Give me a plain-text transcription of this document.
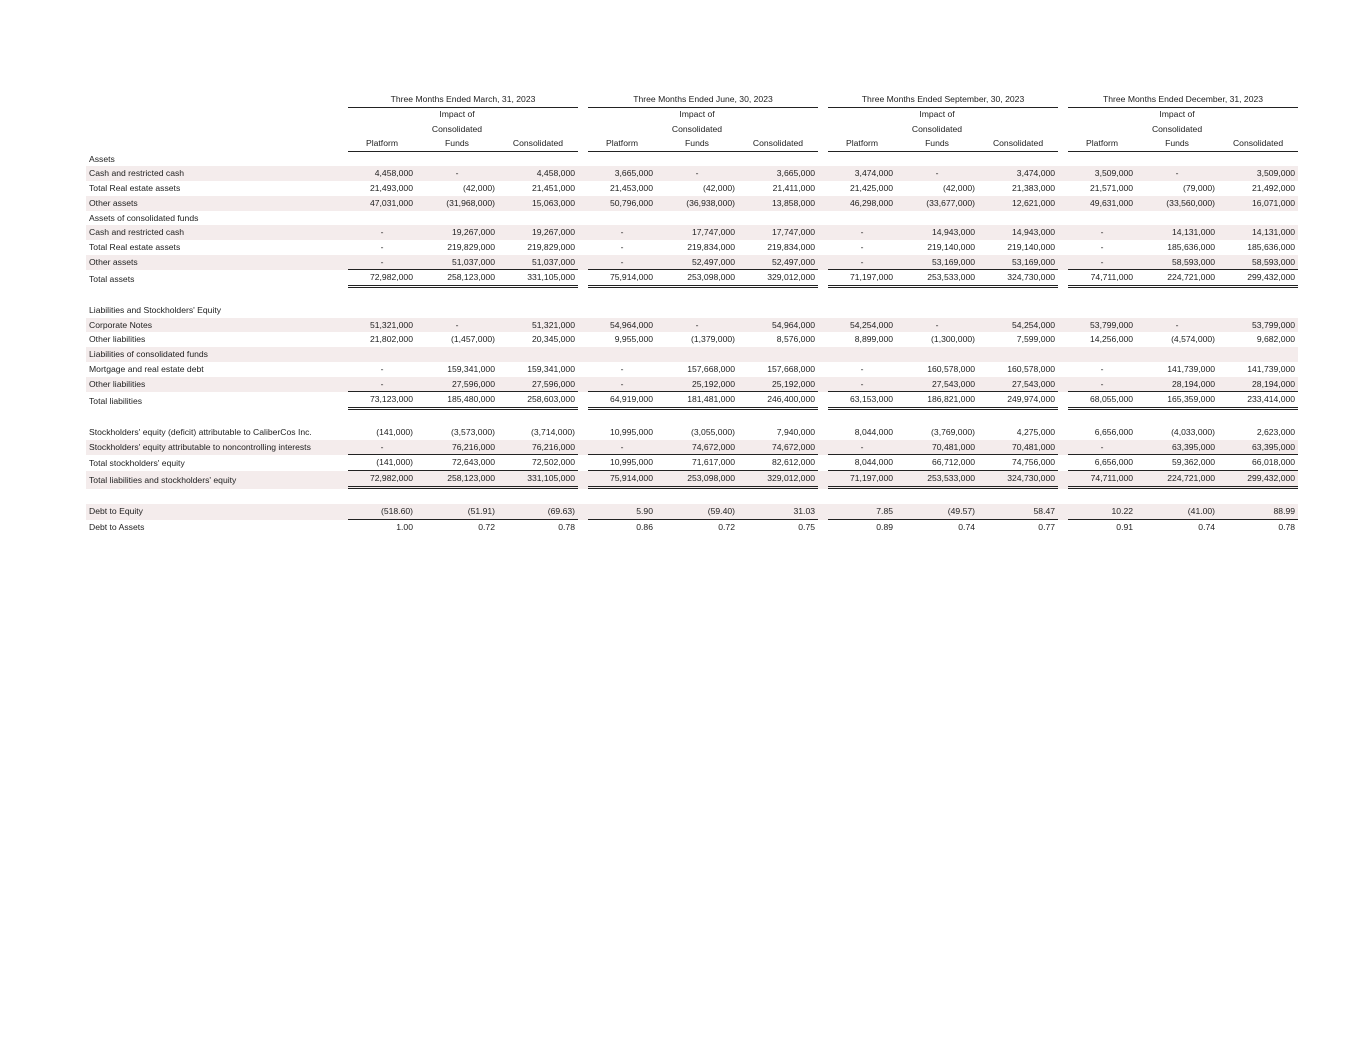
	Three Months Ended March, 31, 2023				Three Months Ended June, 30, 2023				Three Months Ended September, 30, 2023				Three Months Ended December, 31, 2023		
		Impact of				Impact of				Impact of				Impact of	
		Consolidated				Consolidated				Consolidated				Consolidated	
	Platform	Funds	Consolidated		Platform	Funds	Consolidated		Platform	Funds	Consolidated		Platform	Funds	Consolidated
Assets															
Cash and restricted cash	4,458,000	-	4,458,000		3,665,000	-	3,665,000		3,474,000	-	3,474,000		3,509,000	-	3,509,000
Total Real estate assets	21,493,000	(42,000)	21,451,000		21,453,000	(42,000)	21,411,000		21,425,000	(42,000)	21,383,000		21,571,000	(79,000)	21,492,000
Other assets	47,031,000	(31,968,000)	15,063,000		50,796,000	(36,938,000)	13,858,000		46,298,000	(33,677,000)	12,621,000		49,631,000	(33,560,000)	16,071,000
Assets of consolidated funds															
Cash and restricted cash	-	19,267,000	19,267,000		-	17,747,000	17,747,000		-	14,943,000	14,943,000		-	14,131,000	14,131,000
Total Real estate assets	-	219,829,000	219,829,000		-	219,834,000	219,834,000		-	219,140,000	219,140,000		-	185,636,000	185,636,000
Other assets	-	51,037,000	51,037,000		-	52,497,000	52,497,000		-	53,169,000	53,169,000		-	58,593,000	58,593,000
Total assets	72,982,000	258,123,000	331,105,000		75,914,000	253,098,000	329,012,000		71,197,000	253,533,000	324,730,000		74,711,000	224,721,000	299,432,000

Liabilities and Stockholders' Equity															
Corporate Notes	51,321,000	-	51,321,000		54,964,000	-	54,964,000		54,254,000	-	54,254,000		53,799,000	-	53,799,000
Other liabilities	21,802,000	(1,457,000)	20,345,000		9,955,000	(1,379,000)	8,576,000		8,899,000	(1,300,000)	7,599,000		14,256,000	(4,574,000)	9,682,000
Liabilities of consolidated funds															
Mortgage and real estate debt	-	159,341,000	159,341,000		-	157,668,000	157,668,000		-	160,578,000	160,578,000		-	141,739,000	141,739,000
Other liabilities	-	27,596,000	27,596,000		-	25,192,000	25,192,000		-	27,543,000	27,543,000		-	28,194,000	28,194,000
Total liabilities	73,123,000	185,480,000	258,603,000		64,919,000	181,481,000	246,400,000		63,153,000	186,821,000	249,974,000		68,055,000	165,359,000	233,414,000

Stockholders' equity (deficit) attributable to CaliberCos Inc.	(141,000)	(3,573,000)	(3,714,000)		10,995,000	(3,055,000)	7,940,000		8,044,000	(3,769,000)	4,275,000		6,656,000	(4,033,000)	2,623,000
Stockholders' equity attributable to noncontrolling interests	-	76,216,000	76,216,000		-	74,672,000	74,672,000		-	70,481,000	70,481,000		-	63,395,000	63,395,000
Total stockholders' equity	(141,000)	72,643,000	72,502,000		10,995,000	71,617,000	82,612,000		8,044,000	66,712,000	74,756,000		6,656,000	59,362,000	66,018,000
Total liabilities and stockholders' equity	72,982,000	258,123,000	331,105,000		75,914,000	253,098,000	329,012,000		71,197,000	253,533,000	324,730,000		74,711,000	224,721,000	299,432,000

Debt to Equity	(518.60)	(51.91)	(69.63)		5.90	(59.40)	31.03		7.85	(49.57)	58.47		10.22	(41.00)	88.99
Debt to Assets	1.00	0.72	0.78		0.86	0.72	0.75		0.89	0.74	0.77		0.91	0.74	0.78
